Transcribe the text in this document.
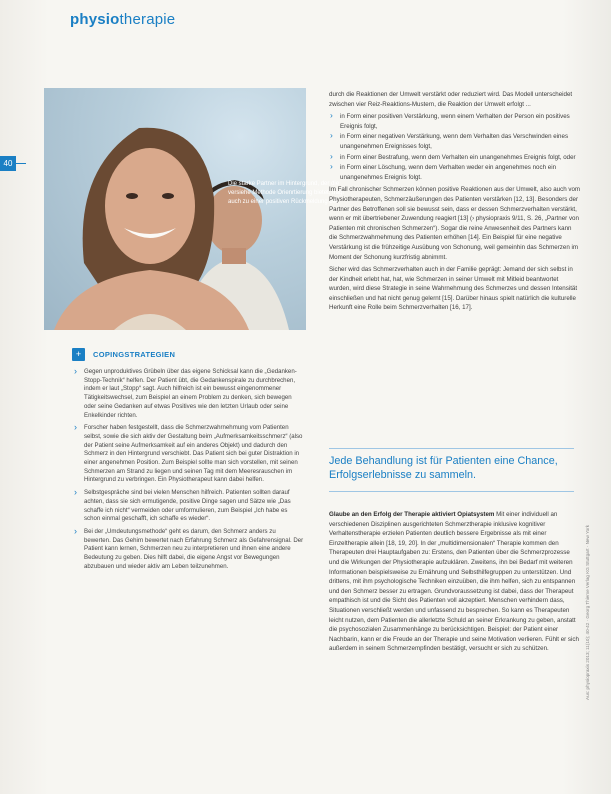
physiotherapie
40
Die starke Partner im Hintergrund, der die versiehe Methode Orienrtierung bietet, trägt auch zu einer positiven Rückmeldung bei.
+	COPINGSTRATEGIEN
› Gegen unproduktives Grübeln über das eigene Schicksal kann die „Gedanken-Stopp-Technik“ helfen. Der Patient übt, die Gedankenspirale zu durchbrechen, indem er laut „Stopp“ sagt. Auch hilfreich ist ein bewusst eingenommener Tätigkeitswechsel, zum Beispiel an einem Problem zu denken, sich bewegen oder seine Gedanken auf etwas Positives wie den letzten Urlaub oder seine Enkelkinder richten.
› Forscher haben festgestellt, dass die Schmerzwahrnehmung vom Patienten selbst, sowie die sich aktiv der Gestaltung beim „Aufmerksamkeitsschmerz“ (also der Patient seine Aufmerksamkeit auf ein anderes Objekt) und dadurch den Schmerz in den Hintergrund verschiebt. Das Patient sich bei guter Distraktion in einer angenehmen Position. Zum Beispiel sollte man sich vorstellen, mit seinen Schmerzen am Strand zu liegen und seinen Tag mit dem Meeresrauschen im Hintergrund zu verbringen. Ein Physiotherapeut kann dabei helfen.
› Selbstgespräche sind bei vielen Menschen hilfreich. Patienten sollten darauf achten, dass sie sich ermutigende, positive Dinge sagen und Sätze wie „Das schaffe ich nicht“ vermeiden oder umformulieren, zum Beispiel „Ich habe es schon einmal geschafft, ich schaffe es wieder“.
› Bei der „Umdeutungsmethode“ geht es darum, den Schmerz anders zu bewerten. Das Gehirn bewertet nach Erfahrung Schmerz als Gefahrensignal. Der Patient kann lernen, Schmerzen neu zu interpretieren und ihnen eine andere Bedeutung zu geben. Dies hilft dabei, die eigene Angst vor Bewegungen abzubauen und wieder aktiv am Leben teilzunehmen.

durch die Reaktionen der Umwelt verstärkt oder reduziert wird. Das Modell unterscheidet zwischen vier Reiz-Reaktions-Mustern, die Reaktion der Umwelt erfolgt ...

› in Form einer positiven Verstärkung, wenn einem Verhalten der Person ein positives Ereignis folgt,
› in Form einer negativen Verstärkung, wenn dem Verhalten das Verschwinden eines unangenehmen Ereignisses folgt,
› in Form einer Bestrafung, wenn dem Verhalten ein unangenehmes Ereignis folgt, oder
› in Form einer Löschung, wenn dem Verhalten weder ein angenehmes noch ein unangenehmes Ereignis folgt.

Im Fall chronischer Schmerzen können positive Reaktionen aus der Umwelt, also auch vom Physiotherapeuten, Schmerzäußerungen des Patienten verstärken [12, 13]. Besonders der Partner des Betroffenen soll sie bewusst sein, dass er dessen Schmerzverhalten verstärkt, wenn er mit übertriebener Zuwendung reagiert [13] (› physiopraxis 9/11, S. 26, „Partner von Patienten mit chronischen Schmerzen“). Sogar die reine Anwesenheit des Partners kann die Schmerzwahrnehmung des Patienten erhöhen [14]. Ein Beispiel für eine negative Verstärkung ist die frühzeitige Ausübung von Schonung, weil gemeinhin das Schmerzen im Moment der Schonung kurzfristig abnimmt.

Sicher wird das Schmerzverhalten auch in der Familie geprägt: Jemand der sich selbst in der Kindheit erlebt hat, hat, wie Schmerzen in seiner Umwelt mit Mitleid beantwortet wurden, wird diese Strategie in seine Wahrnehmung des Schmerzes und dessen Intensität einschließen und hat nicht genug gelernt [15]. Darüber hinaus spielt natürlich die kulturelle Herkunft eine Rolle beim Schmerzverhalten [16, 17].

Jede Behandlung ist für Patienten eine Chance, Erfolgserlebnisse zu sammeln.
Glaube an den Erfolg der Therapie aktiviert Opiatsystem Mit einer individuell an verschiedenen Disziplinen ausgerichteten Schmerztherapie inklusive kognitiver Verhaltenstherapie erzielen Patienten deutlich bessere Ergebnisse als mit einer Einzeltherapie allein [18, 19, 20]. In der „multidimensionalen“ Therapie kommen den Therapeuten drei Hauptaufgaben zu: Erstens, den Patienten über die Schmerzprozesse und die Wirkungen der Physiotherapie aufzuklären. Zweitens, ihn bei Bedarf mit weiteren Informationen beispielsweise zu Ernährung und Selbsthilfegruppen zu unterstützen. Und drittens, mit ihm psychologische Techniken einzuüben, die ihm helfen, sich zu entspannen und den Schmerz besser zu ertragen. Grundvoraussetzung ist dabei, dass der Therapeut empathisch ist und die Sicht des Patienten voll akzeptiert. Menschen verhindern dass, Situationen verschließt werden und unfassend zu besprechen. So kann es Therapeuten leicht nutzen, dem Patienten die allerletzte Schuld an seiner Erkrankung zu geben, anstatt die psychosozialen Zusammenhänge zu berücksichtigen. Beispiel: der Patient einer Nachbarin, kann er die Freude an der Therapie und seine Motivation verlieren. Fühlt er sich außerdem in seinem Schmerzempfinden bestätigt, versucht er sich zu schützen.	Aus: physiopraxis 2013; 11(10); 40-42 · Georg Thieme Verlag KG Stuttgart · New York
